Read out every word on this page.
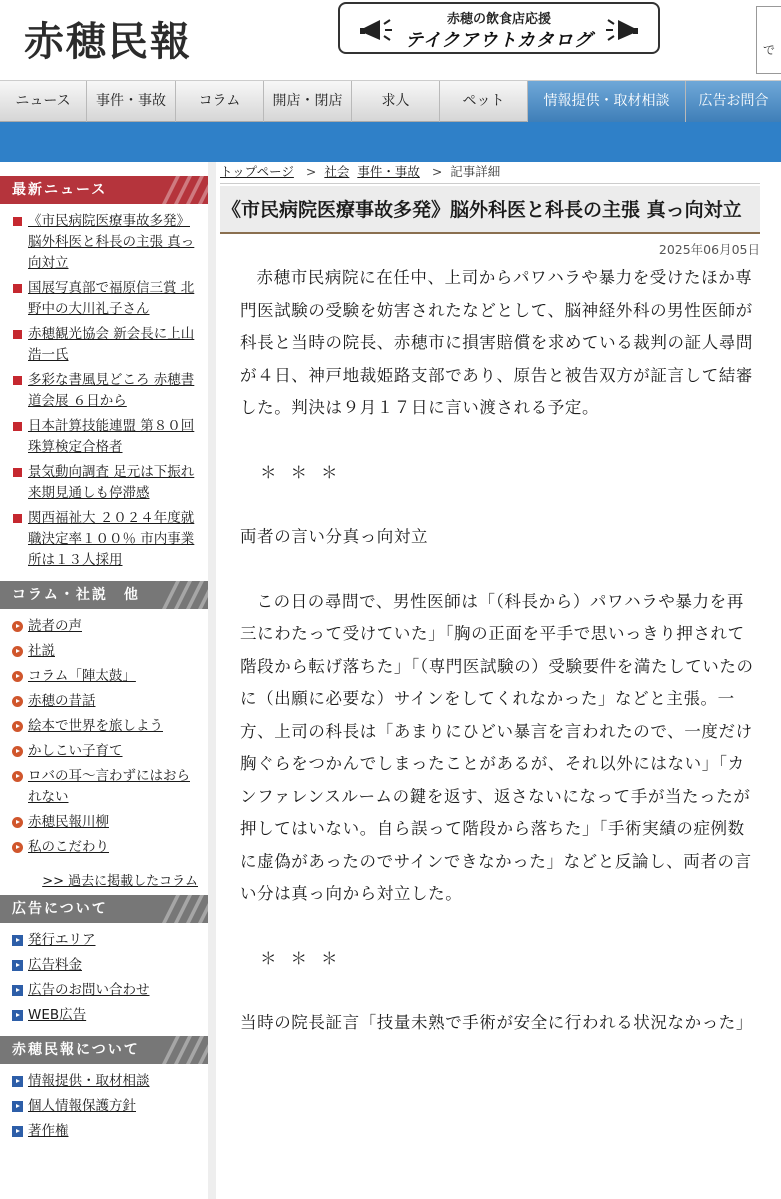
赤穂民報	赤穂の飲食店応援
テイクアウトカタログ	で
ニュース	事件・事故	コラム	開店・閉店	求人	ペット	情報提供・取材相談	広告お問合
最新ニュース
《市民病院医療事故多発》脳外科医と科長の主張 真っ向対立
国展写真部で福原信三賞 北野中の大川礼子さん
赤穂観光協会 新会長に上山浩一氏
多彩な書風見どころ 赤穂書道会展 ６日から
日本計算技能連盟 第８０回珠算検定合格者
景気動向調査 足元は下振れ 来期見通しも停滞感
関西福祉大 ２０２４年度就職決定率１００％ 市内事業所は１３人採用
コラム・社説　他
読者の声
社説
コラム「陣太鼓」
赤穂の昔話
絵本で世界を旅しよう
かしこい子育て
ロバの耳～言わずにはおられない
赤穂民報川柳
私のこだわり
>> 過去に掲載したコラム
広告について
発行エリア
広告料金
広告のお問い合わせ
WEB広告
赤穂民報について
情報提供・取材相談
個人情報保護方針
著作権
トップページ > 社会 事件・事故 > 記事詳細
《市民病院医療事故多発》脳外科医と科長の主張 真っ向対立
2025年06月05日

赤穂市民病院に在任中、上司からパワハラや暴力を受けたほか専門医試験の受験を妨害されたなどとして、脳神経外科の男性医師が科長と当時の院長、赤穂市に損害賠償を求めている裁判の証人尋問が４日、神戸地裁姫路支部であり、原告と被告双方が証言して結審した。判決は９月１７日に言い渡される予定。

＊＊＊

両者の言い分真っ向対立

この日の尋問で、男性医師は「（科長から）パワハラや暴力を再三にわたって受けていた」「胸の正面を平手で思いっきり押されて階段から転げ落ちた」「（専門医試験の）受験要件を満たしていたのに（出願に必要な）サインをしてくれなかった」などと主張。一方、上司の科長は「あまりにひどい暴言を言われたので、一度だけ胸ぐらをつかんでしまったことがあるが、それ以外にはない」「カンファレンスルームの鍵を返す、返さないになって手が当たったが押してはいない。自ら誤って階段から落ちた」「手術実績の症例数に虚偽があったのでサインできなかった」などと反論し、両者の言い分は真っ向から対立した。

＊＊＊

当時の院長証言「技量未熟で手術が安全に行われる状況なかった」
